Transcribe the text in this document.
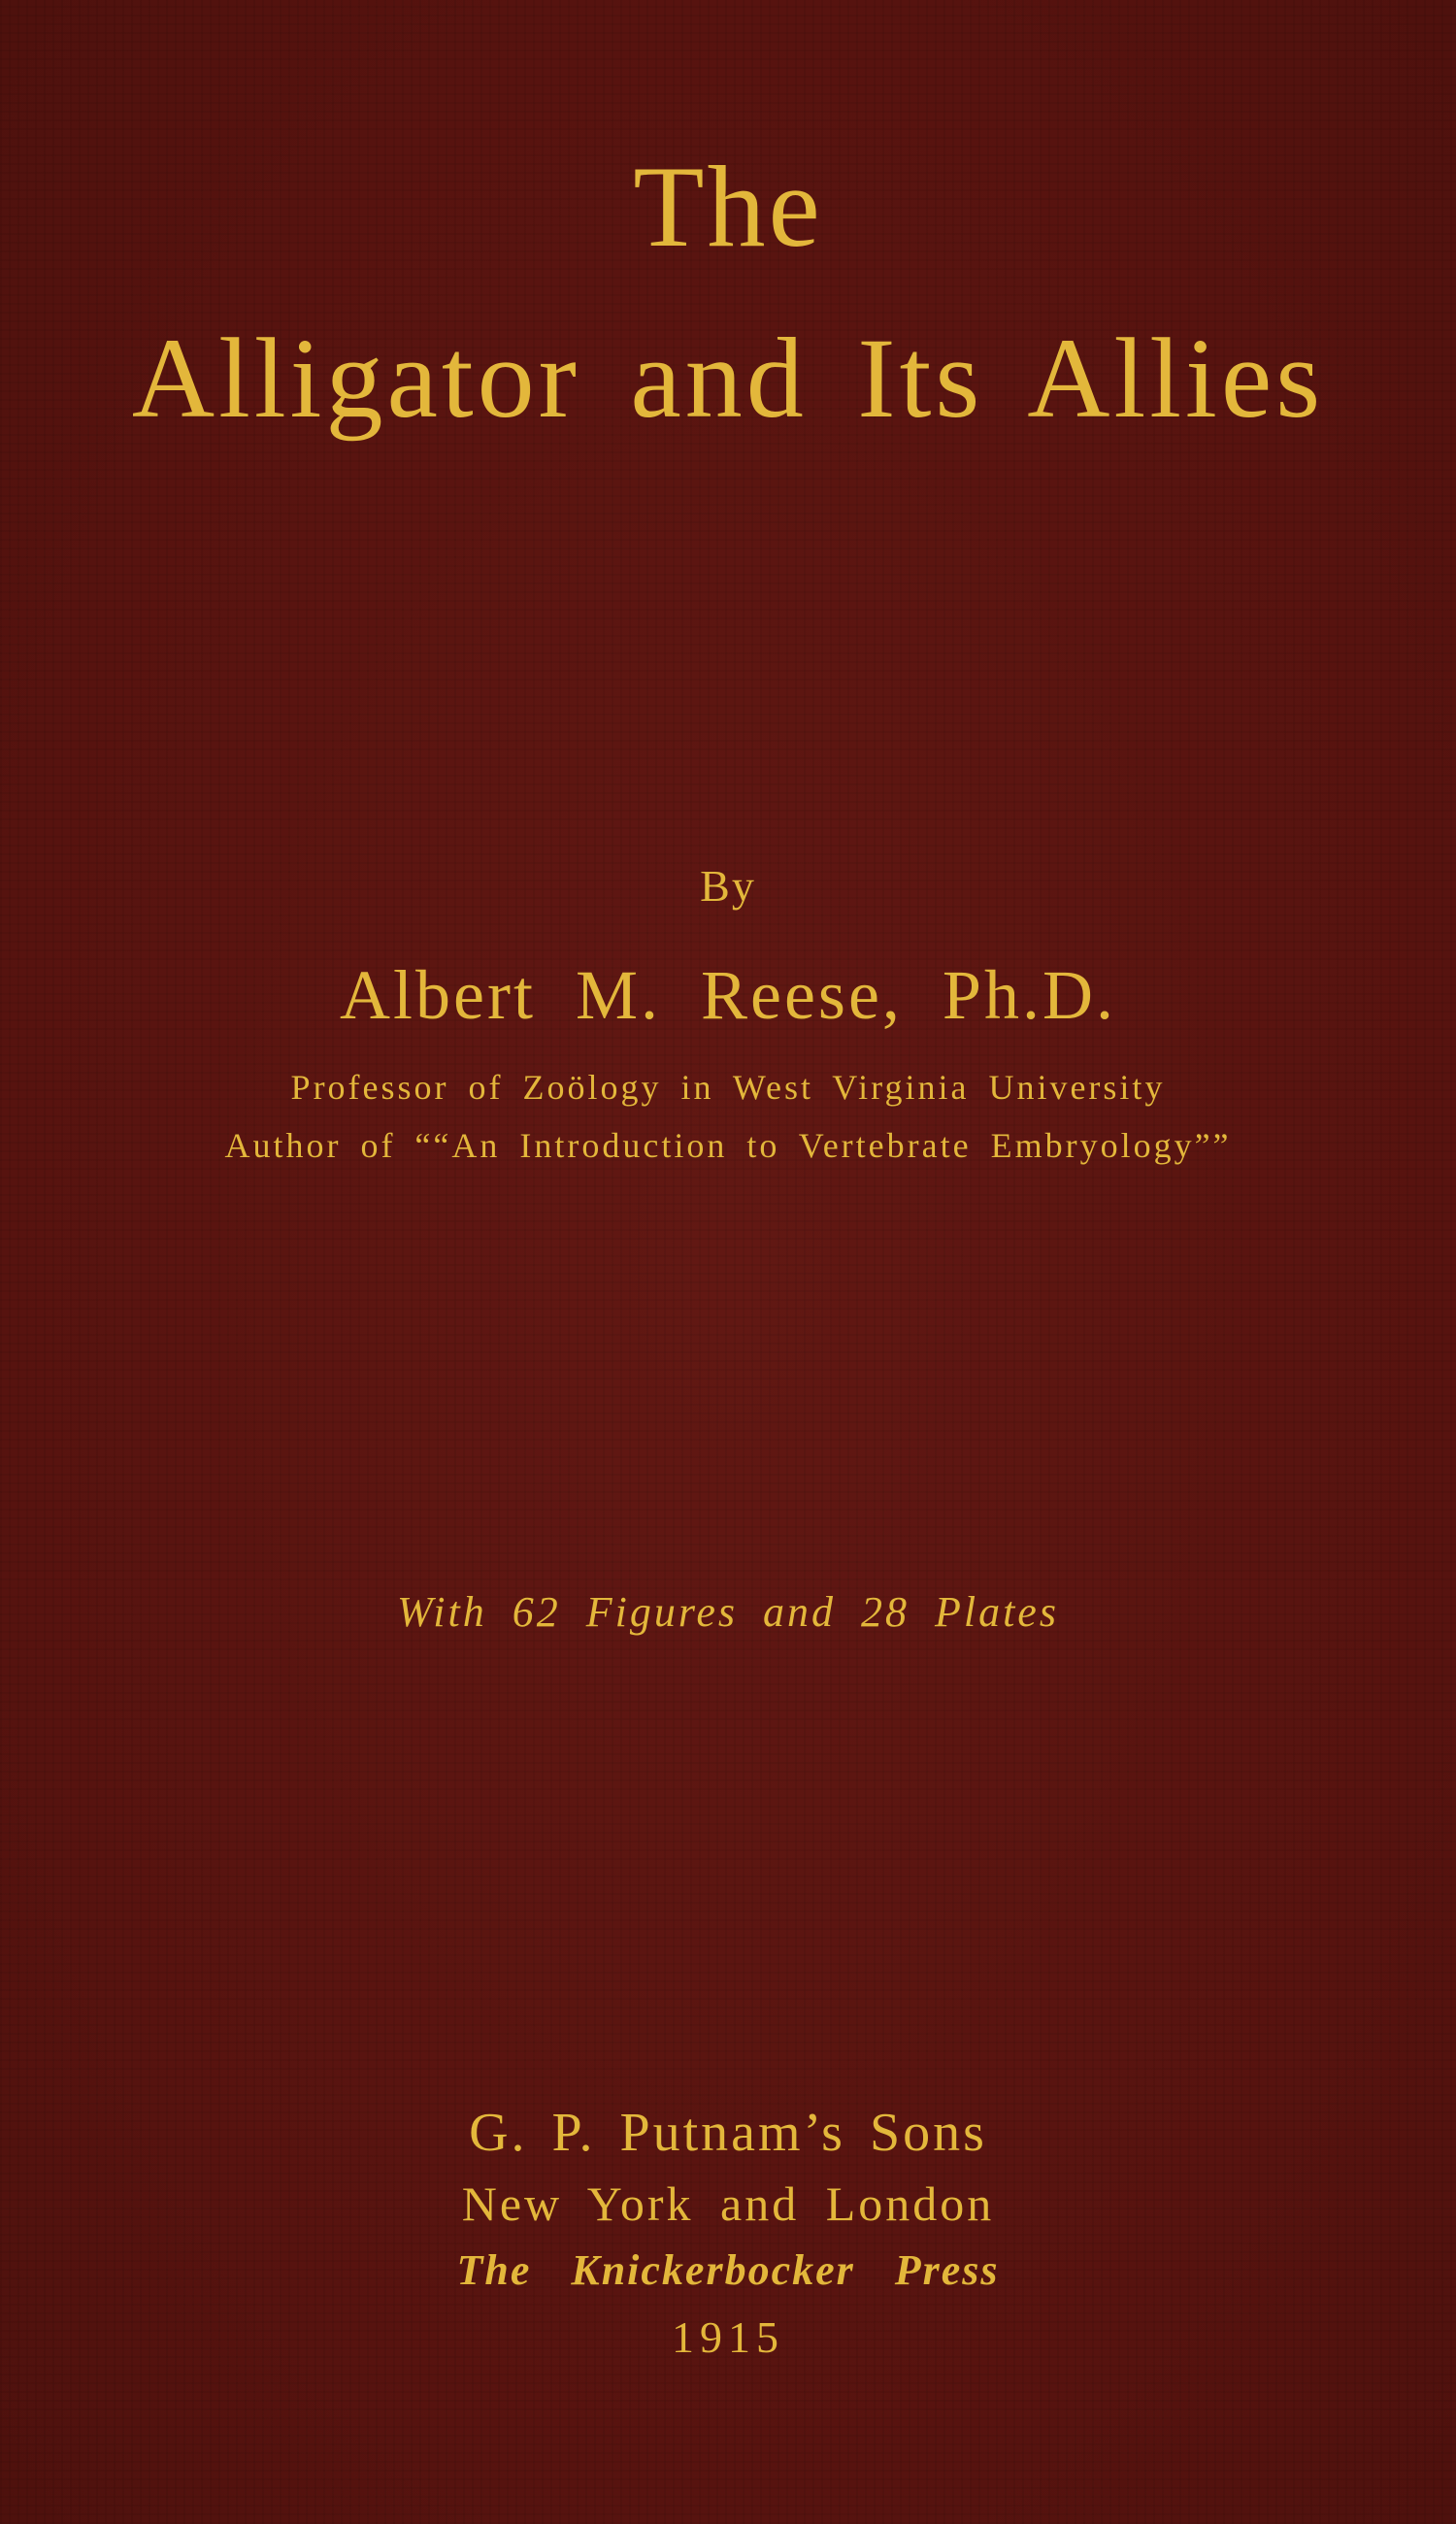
The
Alligator and Its Allies
By
Albert M. Reese, Ph.D.
Professor of Zoölogy in West Virginia University
Author of ““An Introduction to Vertebrate Embryology””
With 62 Figures and 28 Plates
G. P. Putnam’s Sons
New York and London
The Knickerbocker Press
1915
